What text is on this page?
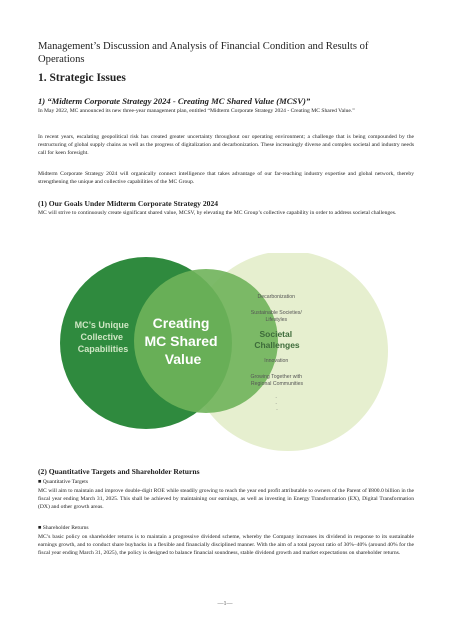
Management’s Discussion and Analysis of Financial Condition and Results of Operations
1. Strategic Issues
1) “Midterm Corporate Strategy 2024 - Creating MC Shared Value (MCSV)”
In May 2022, MC announced its new three-year management plan, entitled “Midterm Corporate Strategy 2024 - Creating MC Shared Value.”
In recent years, escalating geopolitical risk has created greater uncertainty throughout our operating environment; a challenge that is being compounded by the restructuring of global supply chains as well as the progress of digitalization and decarbonization. These increasingly diverse and complex societal and industry needs call for keen foresight.
Midterm Corporate Strategy 2024 will organically connect intelligence that takes advantage of our far-reaching industry expertise and global network, thereby strengthening the unique and collective capabilities of the MC Group.
(1) Our Goals Under Midterm Corporate Strategy 2024
MC will strive to continuously create significant shared value, MCSV, by elevating the MC Group’s collective capability in order to address societal challenges.
MC’s Unique Collective Capabilities
Creating MC Shared Value
Decarbonization Sustainable Societies/ Lifestyles Innovation Growing Together with Regional Communities
Societal Challenges
· · ·
(2) Quantitative Targets and Shareholder Returns
■ Quantitative Targets
MC will aim to maintain and improve double-digit ROE while steadily growing to reach the year end profit attributable to owners of the Parent of ¥800.0 billion in the fiscal year ending March 31, 2025. This shall be achieved by maintaining our earnings, as well as investing in Energy Transformation (EX), Digital Transformation (DX) and other growth areas.
■ Shareholder Returns
MC’s basic policy on shareholder returns is to maintain a progressive dividend scheme, whereby the Company increases its dividend in response to its sustainable earnings growth, and to conduct share buybacks in a flexible and financially disciplined manner. With the aim of a total payout ratio of 30%–40% (around 40% for the fiscal year ending March 31, 2025), the policy is designed to balance financial soundness, stable dividend growth and market expectations on shareholder returns.
—1—
